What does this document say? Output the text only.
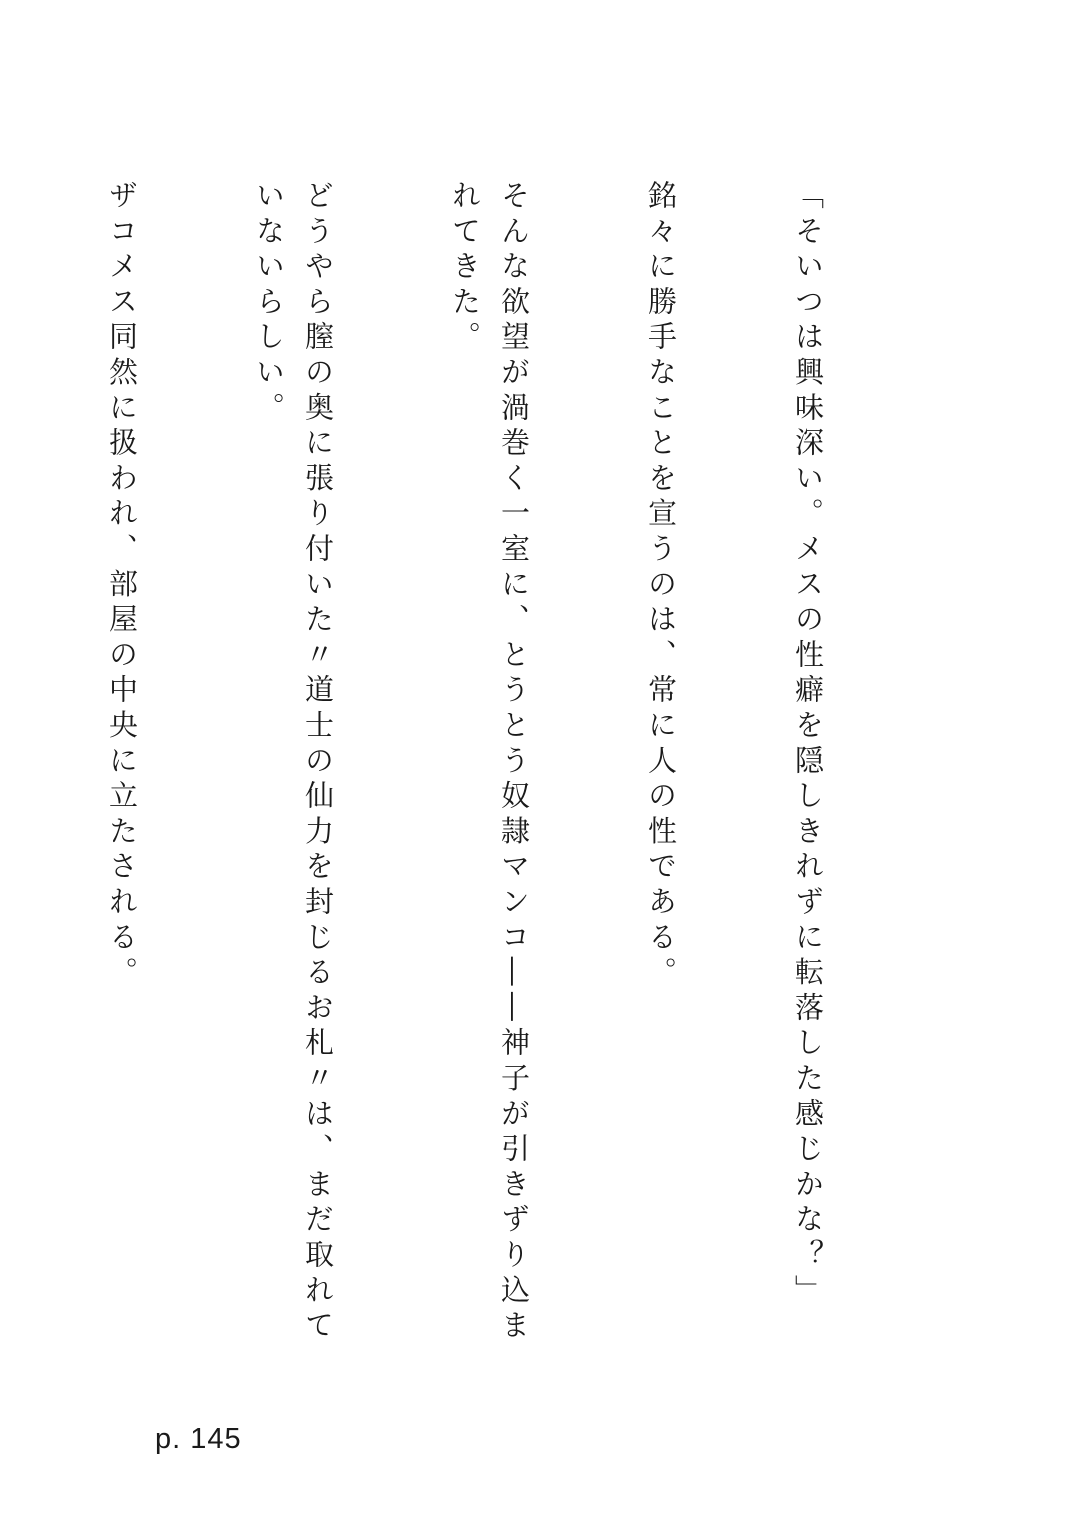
「そいつは興味深い。メスの性癖を隠しきれずに転落した感じかな？」

銘々に勝手なことを宣うのは、常に人の性である。

そんな欲望が渦巻く一室に、とうとう奴隷マンコ――神子が引きずり込まれてきた。

どうやら膣の奥に張り付いた〃道士の仙力を封じるお札〃は、まだ取れていないらしい。

ザコメス同然に扱われ、部屋の中央に立たされる。

p. 145
